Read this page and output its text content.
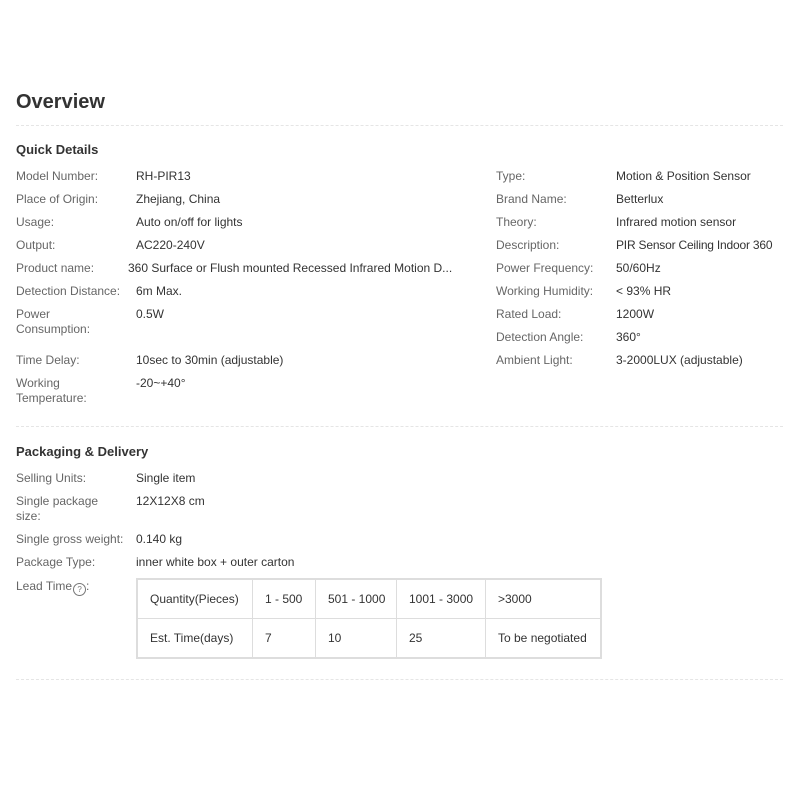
Overview
Quick Details
Model Number:	RH-PIR13
Place of Origin:	Zhejiang, China
Usage:	Auto on/off for lights
Output:	AC220-240V
Product name:	360 Surface or Flush mounted Recessed Infrared Motion D...
Detection Distance:	6m Max.
Power Consumption:
0.5W
Time Delay:	10sec to 30min (adjustable)
Working Temperature:
-20~+40°
Type:	Motion & Position Sensor
Brand Name:	Betterlux
Theory:	Infrared motion sensor
Description:	PIR Sensor Ceiling Indoor 360
Power Frequency:	50/60Hz
Working Humidity:	< 93% HR
Rated Load:	1200W
Detection Angle:	360°
Ambient Light:	3-2000LUX (adjustable)
Packaging & Delivery
Selling Units:	Single item
Single package size:
12X12X8 cm
Single gross weight:	0.140 kg
Package Type:	inner white box + outer carton
Lead Time ? :
Quantity(Pieces)	1 - 500	501 - 1000	1001 - 3000	>3000
Est. Time(days)	7	10	25	To be negotiated
